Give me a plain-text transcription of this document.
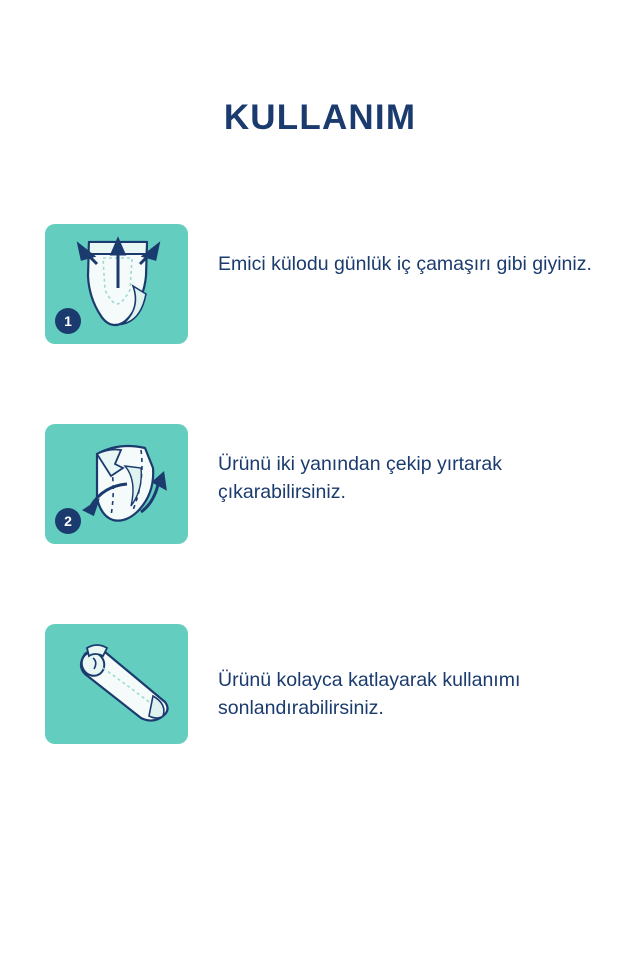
KULLANIM
1
Emici külodu günlük iç çamaşırı gibi giyiniz.
2
Ürünü iki yanından çekip yırtarak çıkarabilirsiniz.
Ürünü kolayca katlayarak kullanımı sonlandırabilirsiniz.
